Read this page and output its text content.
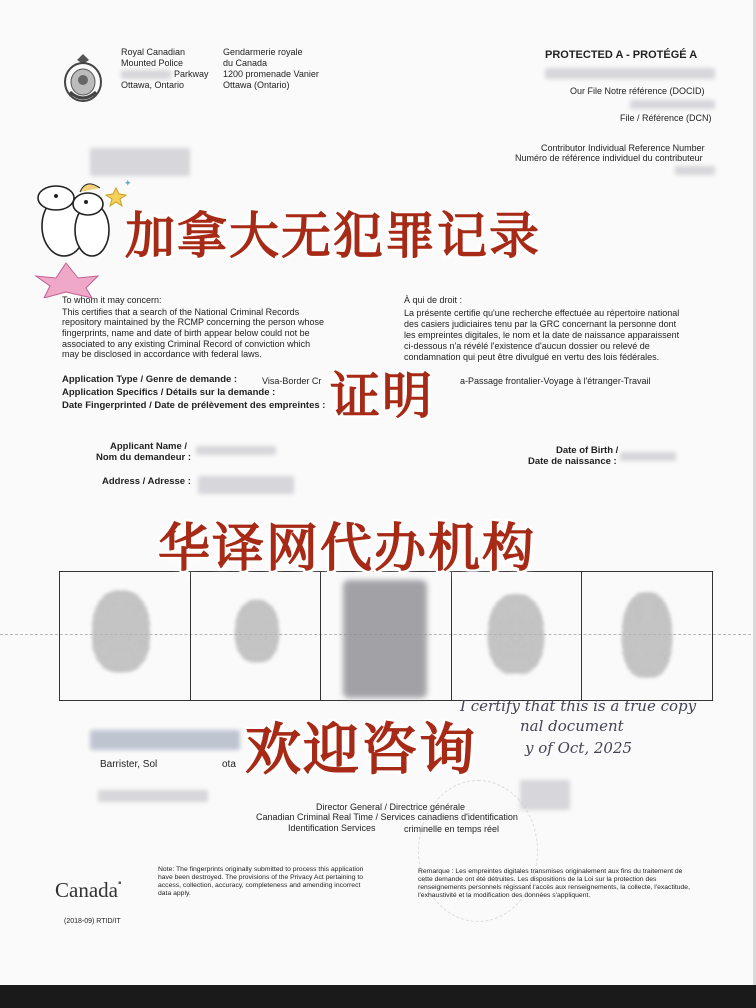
Royal Canadian
Mounted Police
Parkway
Ottawa, Ontario
Gendarmerie royale
du Canada
1200 promenade Vanier
Ottawa (Ontario)
PROTECTED A - PROTÉGÉ A
Our File Notre référence (DOCID)
File / Référence (DCN)
Contributor Individual Reference Number
Numéro de référence individuel du contributeur
✦
To whom it may concern:
This certifies that a search of the National Criminal Records
repository maintained by the RCMP concerning the person whose
fingerprints, name and date of birth appear below could not be
associated to any existing Criminal Record of conviction which
may be disclosed in accordance with federal laws.
À qui de droit :
La présente certifie qu'une recherche effectuée au répertoire national
des casiers judiciaires tenu par la GRC concernant la personne dont
les empreintes digitales, le nom et la date de naissance apparaissent
ci-dessous n'a révélé l'existence d'aucun dossier ou relevé de
condamnation qui peut être divulgué en vertu des lois fédérales.
Application Type / Genre de demande :	Visa-Border Cr	a-Passage frontalier-Voyage à l'étranger-Travail
Application Specifics / Détails sur la demande :
Date Fingerprinted / Date de prélèvement des empreintes :
Applicant Name /
Nom du demandeur :
Date of Birth /
Date de naissance :
Address / Adresse :
I certify that this is a true copy
nal document
y of Oct, 2025
Barrister, Sol	ota
Director General / Directrice générale
Canadian Criminal Real Time / Services canadiens d'identification
Identification Services	criminelle en temps réel
Canada▪
(2018-09) RTID/IT
Note: The fingerprints originally submitted to process this application
have been destroyed. The provisions of the Privacy Act pertaining to
access, collection, accuracy, completeness and amending incorrect
data apply.
Remarque : Les empreintes digitales transmises originalement aux fins du traitement de
cette demande ont été détruites. Les dispositions de la Loi sur la protection des
renseignements personnels régissant l'accès aux renseignements, la collecte, l'exactitude,
l'exhaustivité et la modification des données s'appliquent.
加拿大无犯罪记录
证明
华译网代办机构
欢迎咨询
